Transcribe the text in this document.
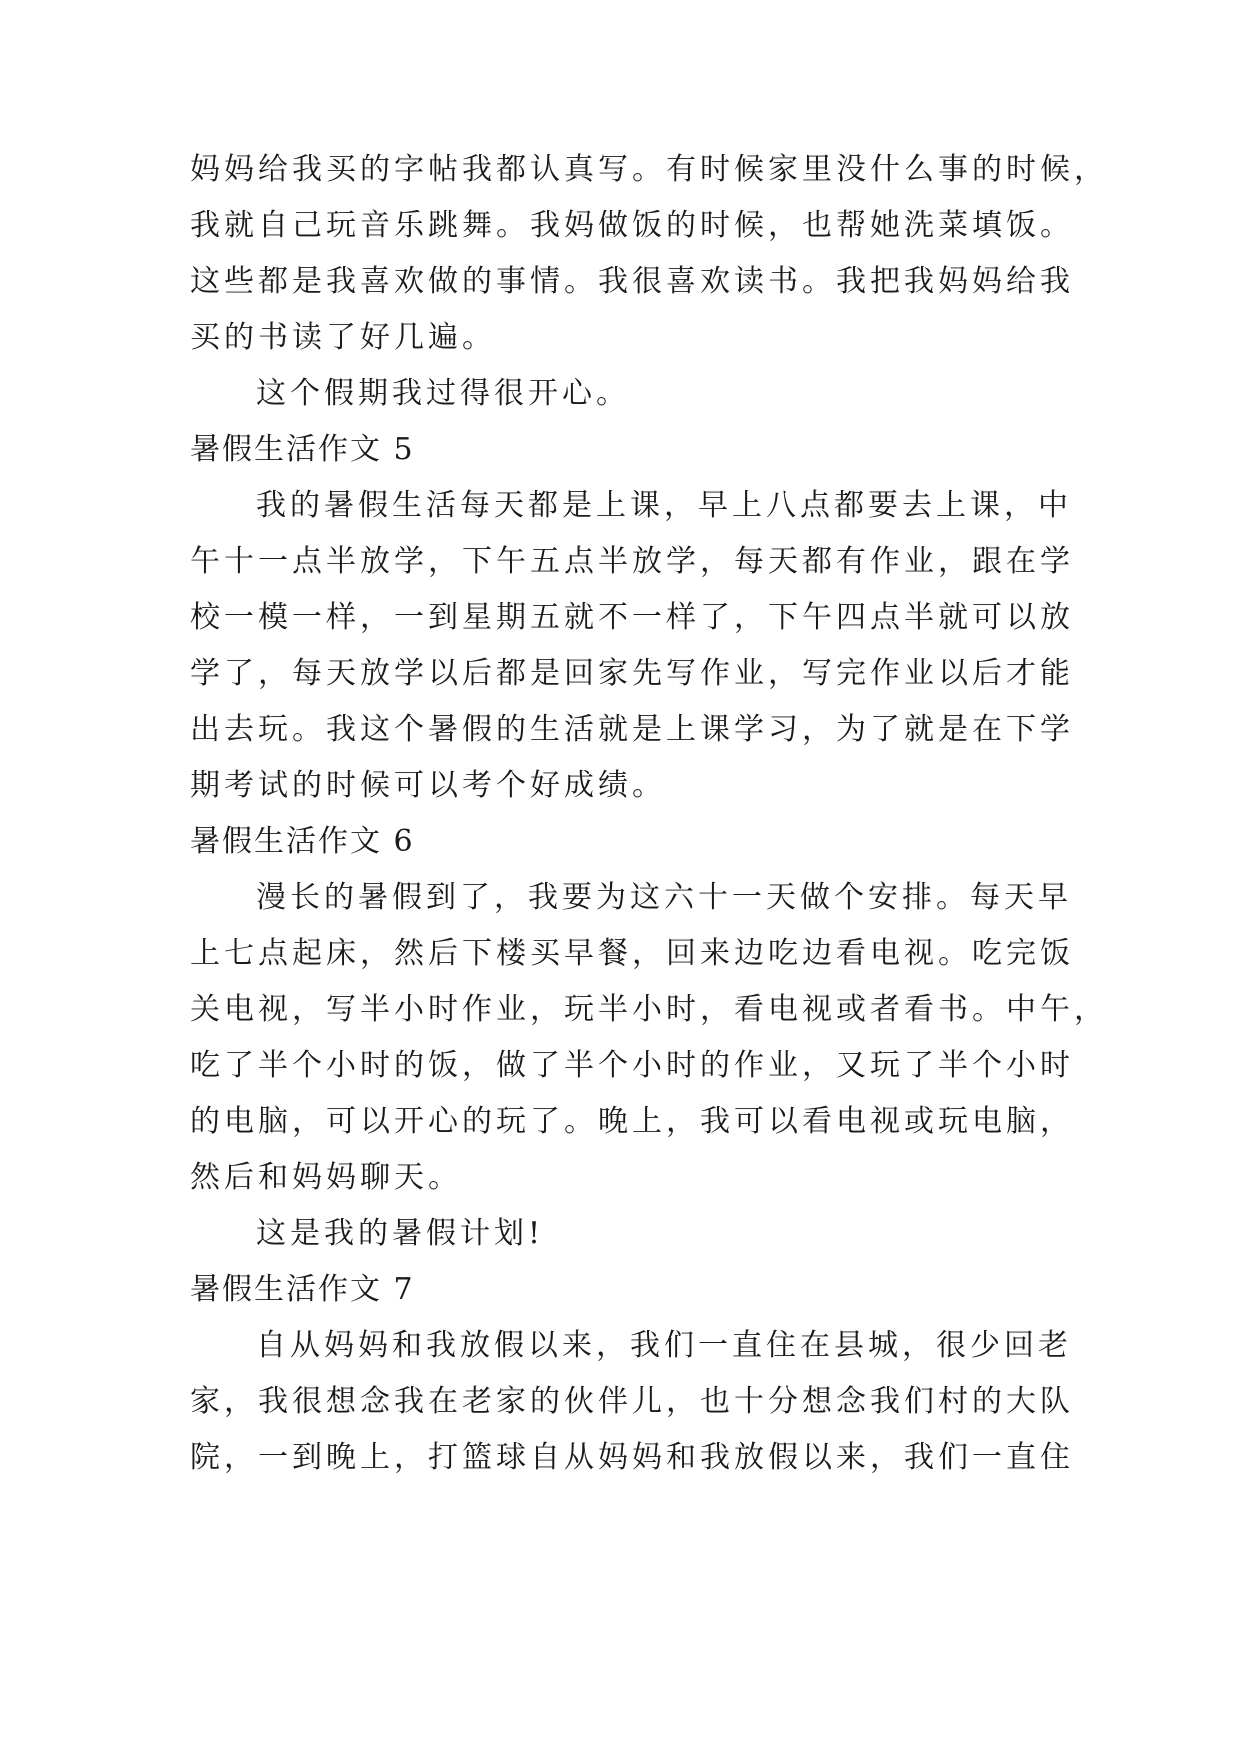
妈妈给我买的字帖我都认真写。有时候家里没什么事的时候，
我就自己玩音乐跳舞。我妈做饭的时候，也帮她洗菜填饭。
这些都是我喜欢做的事情。我很喜欢读书。我把我妈妈给我
买的书读了好几遍。
这个假期我过得很开心。
暑假生活作文 5
我的暑假生活每天都是上课，早上八点都要去上课，中
午十一点半放学，下午五点半放学，每天都有作业，跟在学
校一模一样，一到星期五就不一样了，下午四点半就可以放
学了，每天放学以后都是回家先写作业，写完作业以后才能
出去玩。我这个暑假的生活就是上课学习，为了就是在下学
期考试的时候可以考个好成绩。
暑假生活作文 6
漫长的暑假到了，我要为这六十一天做个安排。每天早
上七点起床，然后下楼买早餐，回来边吃边看电视。吃完饭
关电视，写半小时作业，玩半小时，看电视或者看书。中午，
吃了半个小时的饭，做了半个小时的作业，又玩了半个小时
的电脑，可以开心的玩了。晚上，我可以看电视或玩电脑，
然后和妈妈聊天。
这是我的暑假计划!
暑假生活作文 7
自从妈妈和我放假以来，我们一直住在县城，很少回老
家，我很想念我在老家的伙伴儿，也十分想念我们村的大队
院，一到晚上，打篮球自从妈妈和我放假以来，我们一直住
